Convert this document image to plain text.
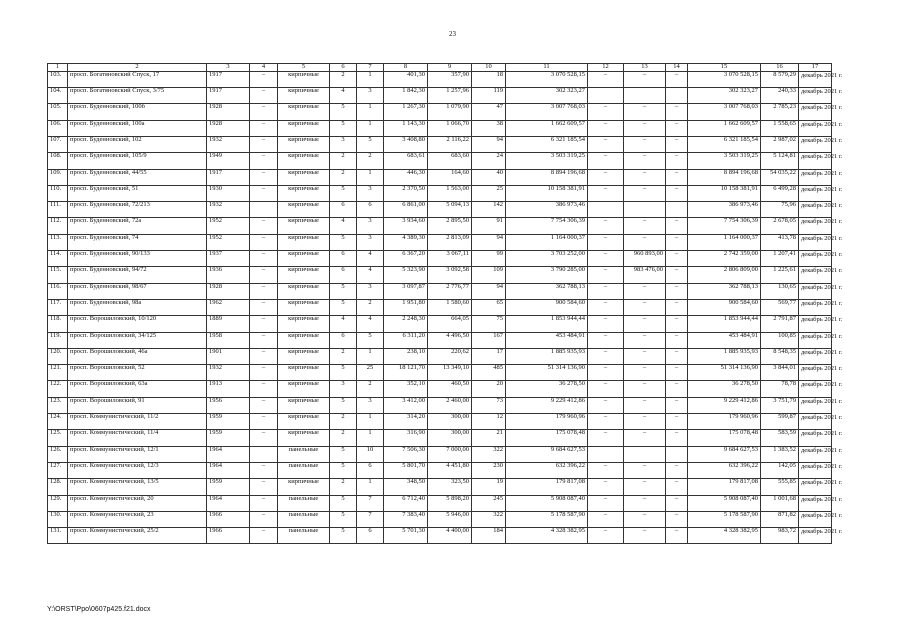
23
1	2	3	4	5	6	7	8	9	10	11	12	13	14	15	16	17
103.	просп. Богатяновский Спуск, 17	1917	–	кирпичные	2	1	401,30	357,90	18	3 070 528,15	–	–	–	3 070 528,15	8 579,29	декабрь 2021 г.
104.	просп. Богатяновский Спуск, 3/75	1917	–	кирпичные	4	3	1 842,30	1 257,96	119	302 323,27				302 323,27	240,33	декабрь 2021 г.
105.	просп. Буденновский, 100б	1928	–	кирпичные	5	1	1 267,30	1 079,90	47	3 007 768,03	–	–	–	3 007 768,03	2 785,23	декабрь 2021 г.
106.	просп. Буденновский, 100а	1928	–	кирпичные	5	1	1 143,30	1 066,70	38	1 662 609,57	–	–	–	1 662 609,57	1 558,65	декабрь 2021 г.
107.	просп. Буденновский, 102	1932	–	кирпичные	3	5	3 408,80	2 116,22	94	6 321 185,54	–	–	–	6 321 185,54	2 987,02	декабрь 2021 г.
108.	просп. Буденновский, 105/9	1949	–	кирпичные	2	2	683,61	683,60	24	3 503 319,25	–	–	–	3 503 319,25	5 124,81	декабрь 2021 г.
109.	просп. Буденновский, 44/55	1917	–	кирпичные	2	1	446,30	164,60	40	8 894 196,68	–	–	–	8 894 196,68	54 035,22	декабрь 2021 г.
110.	просп. Буденновский, 51	1930	–	кирпичные	5	3	2 370,50	1 563,00	25	10 158 381,91	–	–	–	10 158 381,91	6 499,28	декабрь 2021 г.
111.	просп. Буденновский, 72/213	1932		кирпичные	6	6	6 861,00	5 094,13	142	386 973,46				386 973,46	75,96	декабрь 2021 г.
112.	просп. Буденновский, 72а	1952	–	кирпичные	4	3	3 934,60	2 895,50	91	7 754 306,39	–	–	–	7 754 306,39	2 678,05	декабрь 2021 г.
113.	просп. Буденновский, 74	1952	–	кирпичные	5	3	4 389,30	2 813,09	94	1 164 000,37	–	–	–	1 164 000,37	413,78	декабрь 2021 г.
114.	просп. Буденновский, 90/133	1937	–	кирпичные	6	4	6 367,20	3 067,11	99	3 703 252,00	–	960 893,00	–	2 742 359,00	1 207,41	декабрь 2021 г.
115.	просп. Буденновский, 94/72	1936	–	кирпичные	6	4	5 323,90	3 092,58	109	3 790 285,00	–	983 476,00	–	2 806 809,00	1 225,61	декабрь 2021 г.
116.	просп. Буденновский, 98/67	1928	–	кирпичные	5	3	3 097,87	2 776,77	94	362 788,13	–	–	–	362 788,13	130,65	декабрь 2021 г.
117.	просп. Буденновский, 98а	1962	–	кирпичные	5	2	1 951,80	1 580,60	65	900 584,60	–	–	–	900 584,60	569,77	декабрь 2021 г.
118.	просп. Ворошиловский, 10/120	1889	–	кирпичные	4	4	2 248,30	664,05	75	1 853 944,44	–	–	–	1 853 944,44	2 791,87	декабрь 2021 г.
119.	просп. Ворошиловский, 34/125	1958	–	кирпичные	6	5	6 311,20	4 496,50	167	453 484,91	–	–	–	453 484,91	100,85	декабрь 2021 г.
120.	просп. Ворошиловский, 46а	1901	–	кирпичные	2	1	238,10	220,62	17	1 885 935,93	–	–	–	1 885 935,93	8 548,35	декабрь 2021 г.
121.	просп. Ворошиловский, 52	1932	–	кирпичные	5	25	18 121,70	13 349,10	485	51 314 136,90	–	–	–	51 314 136,90	3 844,01	декабрь 2021 г.
122.	просп. Ворошиловский, 63а	1913	–	кирпичные	3	2	352,10	460,50	20	36 278,50	–	–	–	36 278,50	78,78	декабрь 2021 г.
123.	просп. Ворошиловский, 91	1956	–	кирпичные	5	3	3 412,00	2 460,00	73	9 229 412,86	–	–	–	9 229 412,86	3 751,79	декабрь 2021 г.
124.	просп. Коммунистический, 11/2	1959	–	кирпичные	2	1	314,20	300,00	12	179 960,96	–	–	–	179 960,96	599,87	декабрь 2021 г.
125.	просп. Коммунистический, 11/4	1959	–	кирпичные	2	1	316,90	300,00	21	175 078,48	–	–	–	175 078,48	583,59	декабрь 2021 г.
126.	просп. Коммунистический, 12/1	1964		панельные	5	10	7 506,30	7 000,00	322	9 684 627,53				9 684 627,53	1 383,52	декабрь 2021 г.
127.	просп. Коммунистический, 12/3	1964	–	панельные	5	6	5 801,70	4 451,80	230	632 396,22	–	–	–	632 396,22	142,05	декабрь 2021 г.
128.	просп. Коммунистический, 13/5	1959	–	кирпичные	2	1	348,50	323,50	19	179 817,08	–	–	–	179 817,08	555,85	декабрь 2021 г.
129.	просп. Коммунистический, 20	1964	–	панельные	5	7	6 712,40	5 898,20	245	5 908 087,40	–	–	–	5 908 087,40	1 001,68	декабрь 2021 г.
130.	просп. Коммунистический, 23	1966	–	панельные	5	7	7 383,40	5 946,00	322	5 178 587,90	–	–	–	5 178 587,90	871,82	декабрь 2021 г.
131.	просп. Коммунистический, 25/2	1966	–	панельные	5	6	5 701,30	4 400,00	184	4 328 382,95	–	–	–	4 328 382,95	983,72	декабрь 2021 г.
Y:\ORST\Ppo\0607p425.f21.docx
